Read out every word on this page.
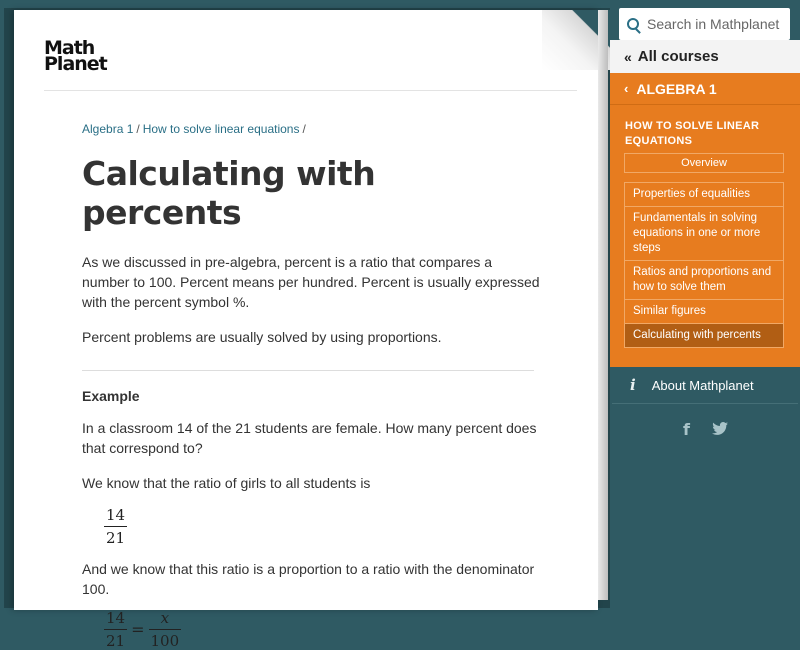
Math
Planet
Algebra 1 / How to solve linear equations /
Calculating with percents

As we discussed in pre-algebra, percent is a ratio that compares a number to 100. Percent means per hundred. Percent is usually expressed with the percent symbol %.

Percent problems are usually solved by using proportions.

Example

In a classroom 14 of the 21 students are female. How many percent does that correspond to?

We know that the ratio of girls to all students is

$\frac{14}{21}$

And we know that this ratio is a proportion to a ratio with the denominator 100.

$\frac{14}{21} = \frac{x}{100}$
Search in Mathplanet
« All courses
‹ ALGEBRA 1
HOW TO SOLVE LINEAR EQUATIONS
Overview
Properties of equalities
Fundamentals in solving equations in one or more steps
Ratios and proportions and how to solve them
Similar figures
Calculating with percents
i About Mathplanet
f
